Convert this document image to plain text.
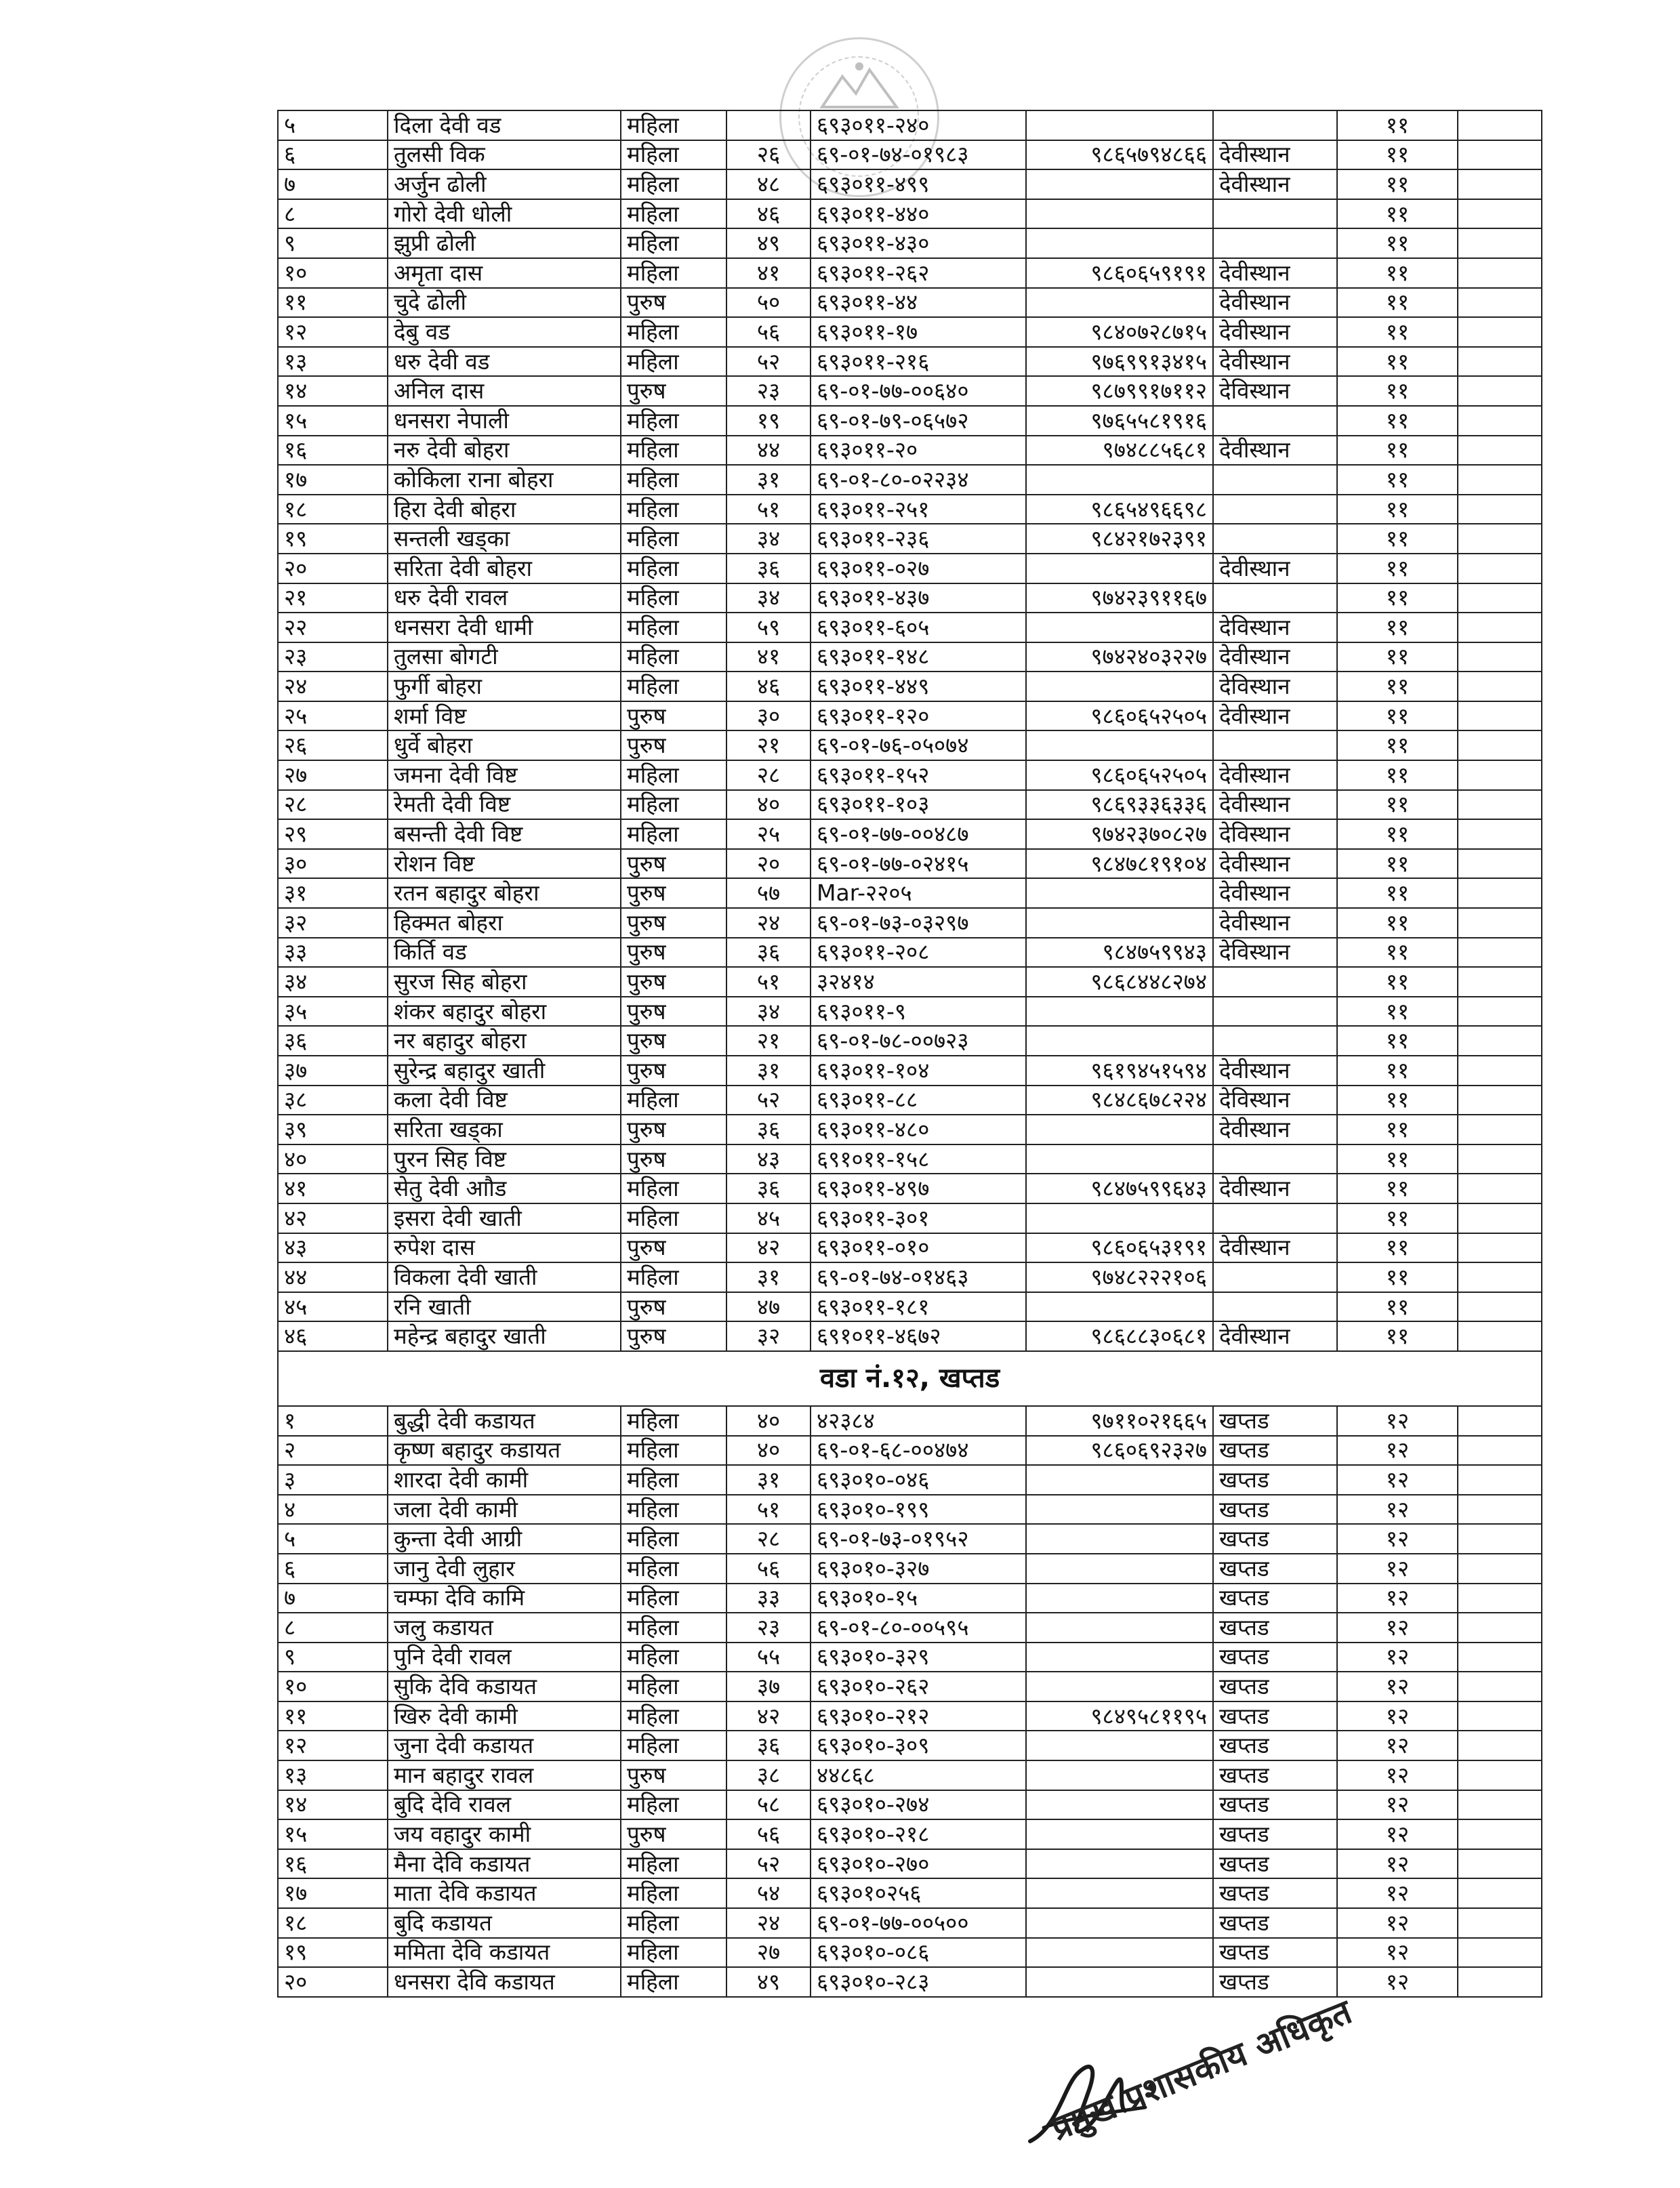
५	दिला देवी वड	महिला		६९३०११-२४०			११	
६	तुलसी विक	महिला	२६	६९-०१-७४-०१९८३	९८६५७९४८६६	देवीस्थान	११	
७	अर्जुन ढोली	महिला	४८	६९३०११-४९९		देवीस्थान	११	
८	गोरो देवी धोली	महिला	४६	६९३०११-४४०			११	
९	झुप्री ढोली	महिला	४९	६९३०११-४३०			११	
१०	अमृता दास	महिला	४१	६९३०११-२६२	९८६०६५९१९१	देवीस्थान	११	
११	चुदे ढोली	पुरुष	५०	६९३०११-४४		देवीस्थान	११	
१२	देबु वड	महिला	५६	६९३०११-१७	९८४०७२८७१५	देवीस्थान	११	
१३	धरु देवी वड	महिला	५२	६९३०११-२१६	९७६९९१३४१५	देवीस्थान	११	
१४	अनिल दास	पुरुष	२३	६९-०१-७७-००६४०	९८७९९१७११२	देविस्थान	११	
१५	धनसरा नेपाली	महिला	१९	६९-०१-७९-०६५७२	९७६५५८१९१६		११	
१६	नरु देवी बोहरा	महिला	४४	६९३०११-२०	९७४८८५६८१	देवीस्थान	११	
१७	कोकिला राना बोहरा	महिला	३१	६९-०१-८०-०२२३४			११	
१८	हिरा देवी बोहरा	महिला	५१	६९३०११-२५१	९८६५४९६६९८		११	
१९	सन्तली खड्का	महिला	३४	६९३०११-२३६	९८४२१७२३९१		११	
२०	सरिता देवी बोहरा	महिला	३६	६९३०११-०२७		देवीस्थान	११	
२१	धरु देवी रावल	महिला	३४	६९३०११-४३७	९७४२३९११६७		११	
२२	धनसरा देवी धामी	महिला	५९	६९३०११-६०५		देविस्थान	११	
२३	तुलसा बोगटी	महिला	४१	६९३०११-१४८	९७४२४०३२२७	देवीस्थान	११	
२४	फुर्गी बोहरा	महिला	४६	६९३०११-४४९		देविस्थान	११	
२५	शर्मा विष्ट	पुरुष	३०	६९३०११-१२०	९८६०६५२५०५	देवीस्थान	११	
२६	धुर्वे बोहरा	पुरुष	२१	६९-०१-७६-०५०७४			११	
२७	जमना देवी विष्ट	महिला	२८	६९३०११-१५२	९८६०६५२५०५	देवीस्थान	११	
२८	रेमती देवी विष्ट	महिला	४०	६९३०११-१०३	९८६९३३६३३६	देवीस्थान	११	
२९	बसन्ती देवी विष्ट	महिला	२५	६९-०१-७७-००४८७	९७४२३७०८२७	देविस्थान	११	
३०	रोशन विष्ट	पुरुष	२०	६९-०१-७७-०२४१५	९८४७८१९१०४	देवीस्थान	११	
३१	रतन बहादुर बोहरा	पुरुष	५७	Mar-२२०५		देवीस्थान	११	
३२	हिक्मत बोहरा	पुरुष	२४	६९-०१-७३-०३२९७		देवीस्थान	११	
३३	किर्ति वड	पुरुष	३६	६९३०११-२०८	९८४७५९९४३	देविस्थान	११	
३४	सुरज सिह बोहरा	पुरुष	५१	३२४१४	९८६८४४८२७४		११	
३५	शंकर बहादुर बोहरा	पुरुष	३४	६९३०११-९			११	
३६	नर बहादुर बोहरा	पुरुष	२१	६९-०१-७८-००७२३			११	
३७	सुरेन्द्र बहादुर खाती	पुरुष	३१	६९३०११-१०४	९६१९४५१५९४	देवीस्थान	११	
३८	कला देवी विष्ट	महिला	५२	६९३०११-८८	९८४८६७८२२४	देविस्थान	११	
३९	सरिता खड्का	पुरुष	३६	६९३०११-४८०		देवीस्थान	११	
४०	पुरन सिह विष्ट	पुरुष	४३	६९१०११-१५८			११	
४१	सेतु देवी आौड	महिला	३६	६९३०११-४९७	९८४७५९९६४३	देवीस्थान	११	
४२	इसरा देवी खाती	महिला	४५	६९३०११-३०१			११	
४३	रुपेश दास	पुरुष	४२	६९३०११-०१०	९८६०६५३१९१	देवीस्थान	११	
४४	विकला देवी खाती	महिला	३१	६९-०१-७४-०१४६३	९७४८२२२१०६		११	
४५	रनि खाती	पुरुष	४७	६९३०११-१८१			११	
४६	महेन्द्र बहादुर खाती	पुरुष	३२	६९१०११-४६७२	९८६८८३०६८१	देवीस्थान	११	
वडा नं.१२, खप्तड								
१	बुद्धी देवी कडायत	महिला	४०	४२३८४	९७११०२१६६५	खप्तड	१२	
२	कृष्ण बहादुर कडायत	महिला	४०	६९-०१-६८-००४७४	९८६०६९२३२७	खप्तड	१२	
३	शारदा देवी कामी	महिला	३१	६९३०१०-०४६		खप्तड	१२	
४	जला देवी कामी	महिला	५१	६९३०१०-१९९		खप्तड	१२	
५	कुन्ता देवी आग्री	महिला	२८	६९-०१-७३-०१९५२		खप्तड	१२	
६	जानु देवी लुहार	महिला	५६	६९३०१०-३२७		खप्तड	१२	
७	चम्फा देवि कामि	महिला	३३	६९३०१०-१५		खप्तड	१२	
८	जलु कडायत	महिला	२३	६९-०१-८०-००५९५		खप्तड	१२	
९	पुनि देवी रावल	महिला	५५	६९३०१०-३२९		खप्तड	१२	
१०	सुकि देवि कडायत	महिला	३७	६९३०१०-२६२		खप्तड	१२	
११	खिरु देवी कामी	महिला	४२	६९३०१०-२१२	९८४९५८११९५	खप्तड	१२	
१२	जुना देवी कडायत	महिला	३६	६९३०१०-३०९		खप्तड	१२	
१३	मान बहादुर रावल	पुरुष	३८	४४८६८		खप्तड	१२	
१४	बुदि देवि रावल	महिला	५८	६९३०१०-२७४		खप्तड	१२	
१५	जय वहादुर कामी	पुरुष	५६	६९३०१०-२१८		खप्तड	१२	
१६	मैना देवि कडायत	महिला	५२	६९३०१०-२७०		खप्तड	१२	
१७	माता देवि कडायत	महिला	५४	६९३०१०२५६		खप्तड	१२	
१८	बुदि कडायत	महिला	२४	६९-०१-७७-००५००		खप्तड	१२	
१९	ममिता देवि कडायत	महिला	२७	६९३०१०-०८६		खप्तड	१२	
२०	धनसरा देवि कडायत	महिला	४९	६९३०१०-२८३		खप्तड	१२	
प्रमुख प्रशासकीय अधिकृत
